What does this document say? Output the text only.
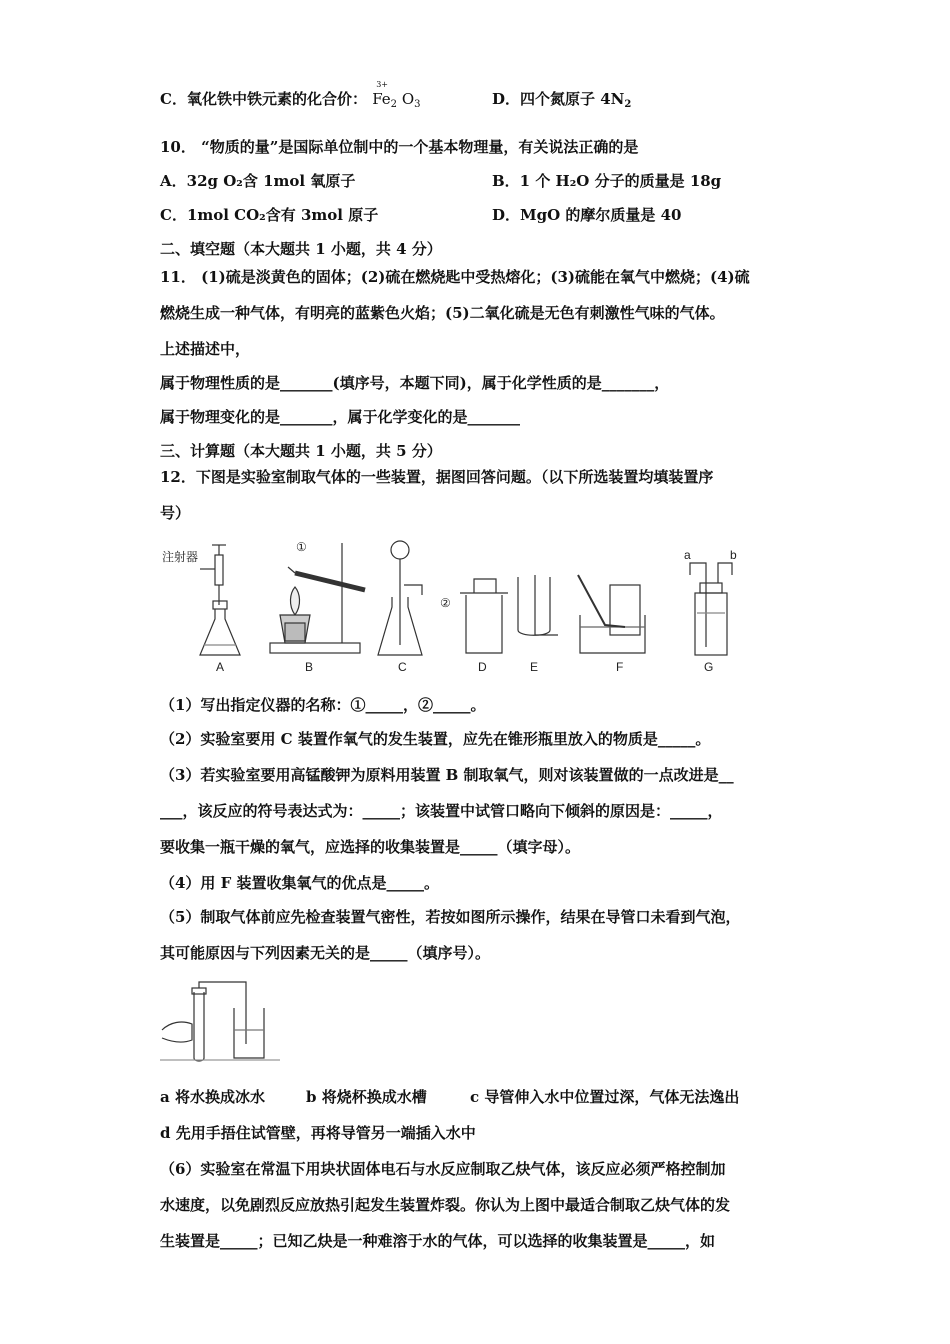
C．氧化铁中铁元素的化合价：
3+
$Fe_2$ $O_3$	D．四个氮原子 $4N_2$
10． “物质的量”是国际单位制中的一个基本物理量，有关说法正确的是
A．32g O₂含 1mol 氧原子	B．1 个 H₂O 分子的质量是 18g
C．1mol CO₂含有 3mol 原子	D．MgO 的摩尔质量是 40
二、填空题（本大题共 1 小题，共 4 分）
11． (1)硫是淡黄色的固体；(2)硫在燃烧匙中受热熔化；(3)硫能在氧气中燃烧；(4)硫
燃烧生成一种气体，有明亮的蓝紫色火焰；(5)二氧化硫是无色有刺激性气味的气体。
上述描述中，
属于物理性质的是_______(填序号，本题下同)，属于化学性质的是_______，
属于物理变化的是_______，属于化学变化的是_______
三、计算题（本大题共 1 小题，共 5 分）
12．下图是实验室制取气体的一些装置，据图回答问题。（以下所选装置均填装置序
号）
注射器
①
②
a	b
A	B	C	D	E	F	G
（1）写出指定仪器的名称：①_____，②_____。
（2）实验室要用 C 装置作氧气的发生装置，应先在锥形瓶里放入的物质是_____。
（3）若实验室要用高锰酸钾为原料用装置 B 制取氧气，则对该装置做的一点改进是__
___，该反应的符号表达式为：_____；该装置中试管口略向下倾斜的原因是：_____，
要收集一瓶干燥的氧气，应选择的收集装置是_____（填字母）。
（4）用 F 装置收集氧气的优点是_____。
（5）制取气体前应先检查装置气密性，若按如图所示操作，结果在导管口未看到气泡，
其可能原因与下列因素无关的是_____（填序号）。
a 将水换成冰水	b 将烧杯换成水槽	c 导管伸入水中位置过深，气体无法逸出
d 先用手捂住试管壁，再将导管另一端插入水中
（6）实验室在常温下用块状固体电石与水反应制取乙炔气体，该反应必须严格控制加
水速度，以免剧烈反应放热引起发生装置炸裂。你认为上图中最适合制取乙炔气体的发
生装置是_____；已知乙炔是一种难溶于水的气体，可以选择的收集装置是_____，如
